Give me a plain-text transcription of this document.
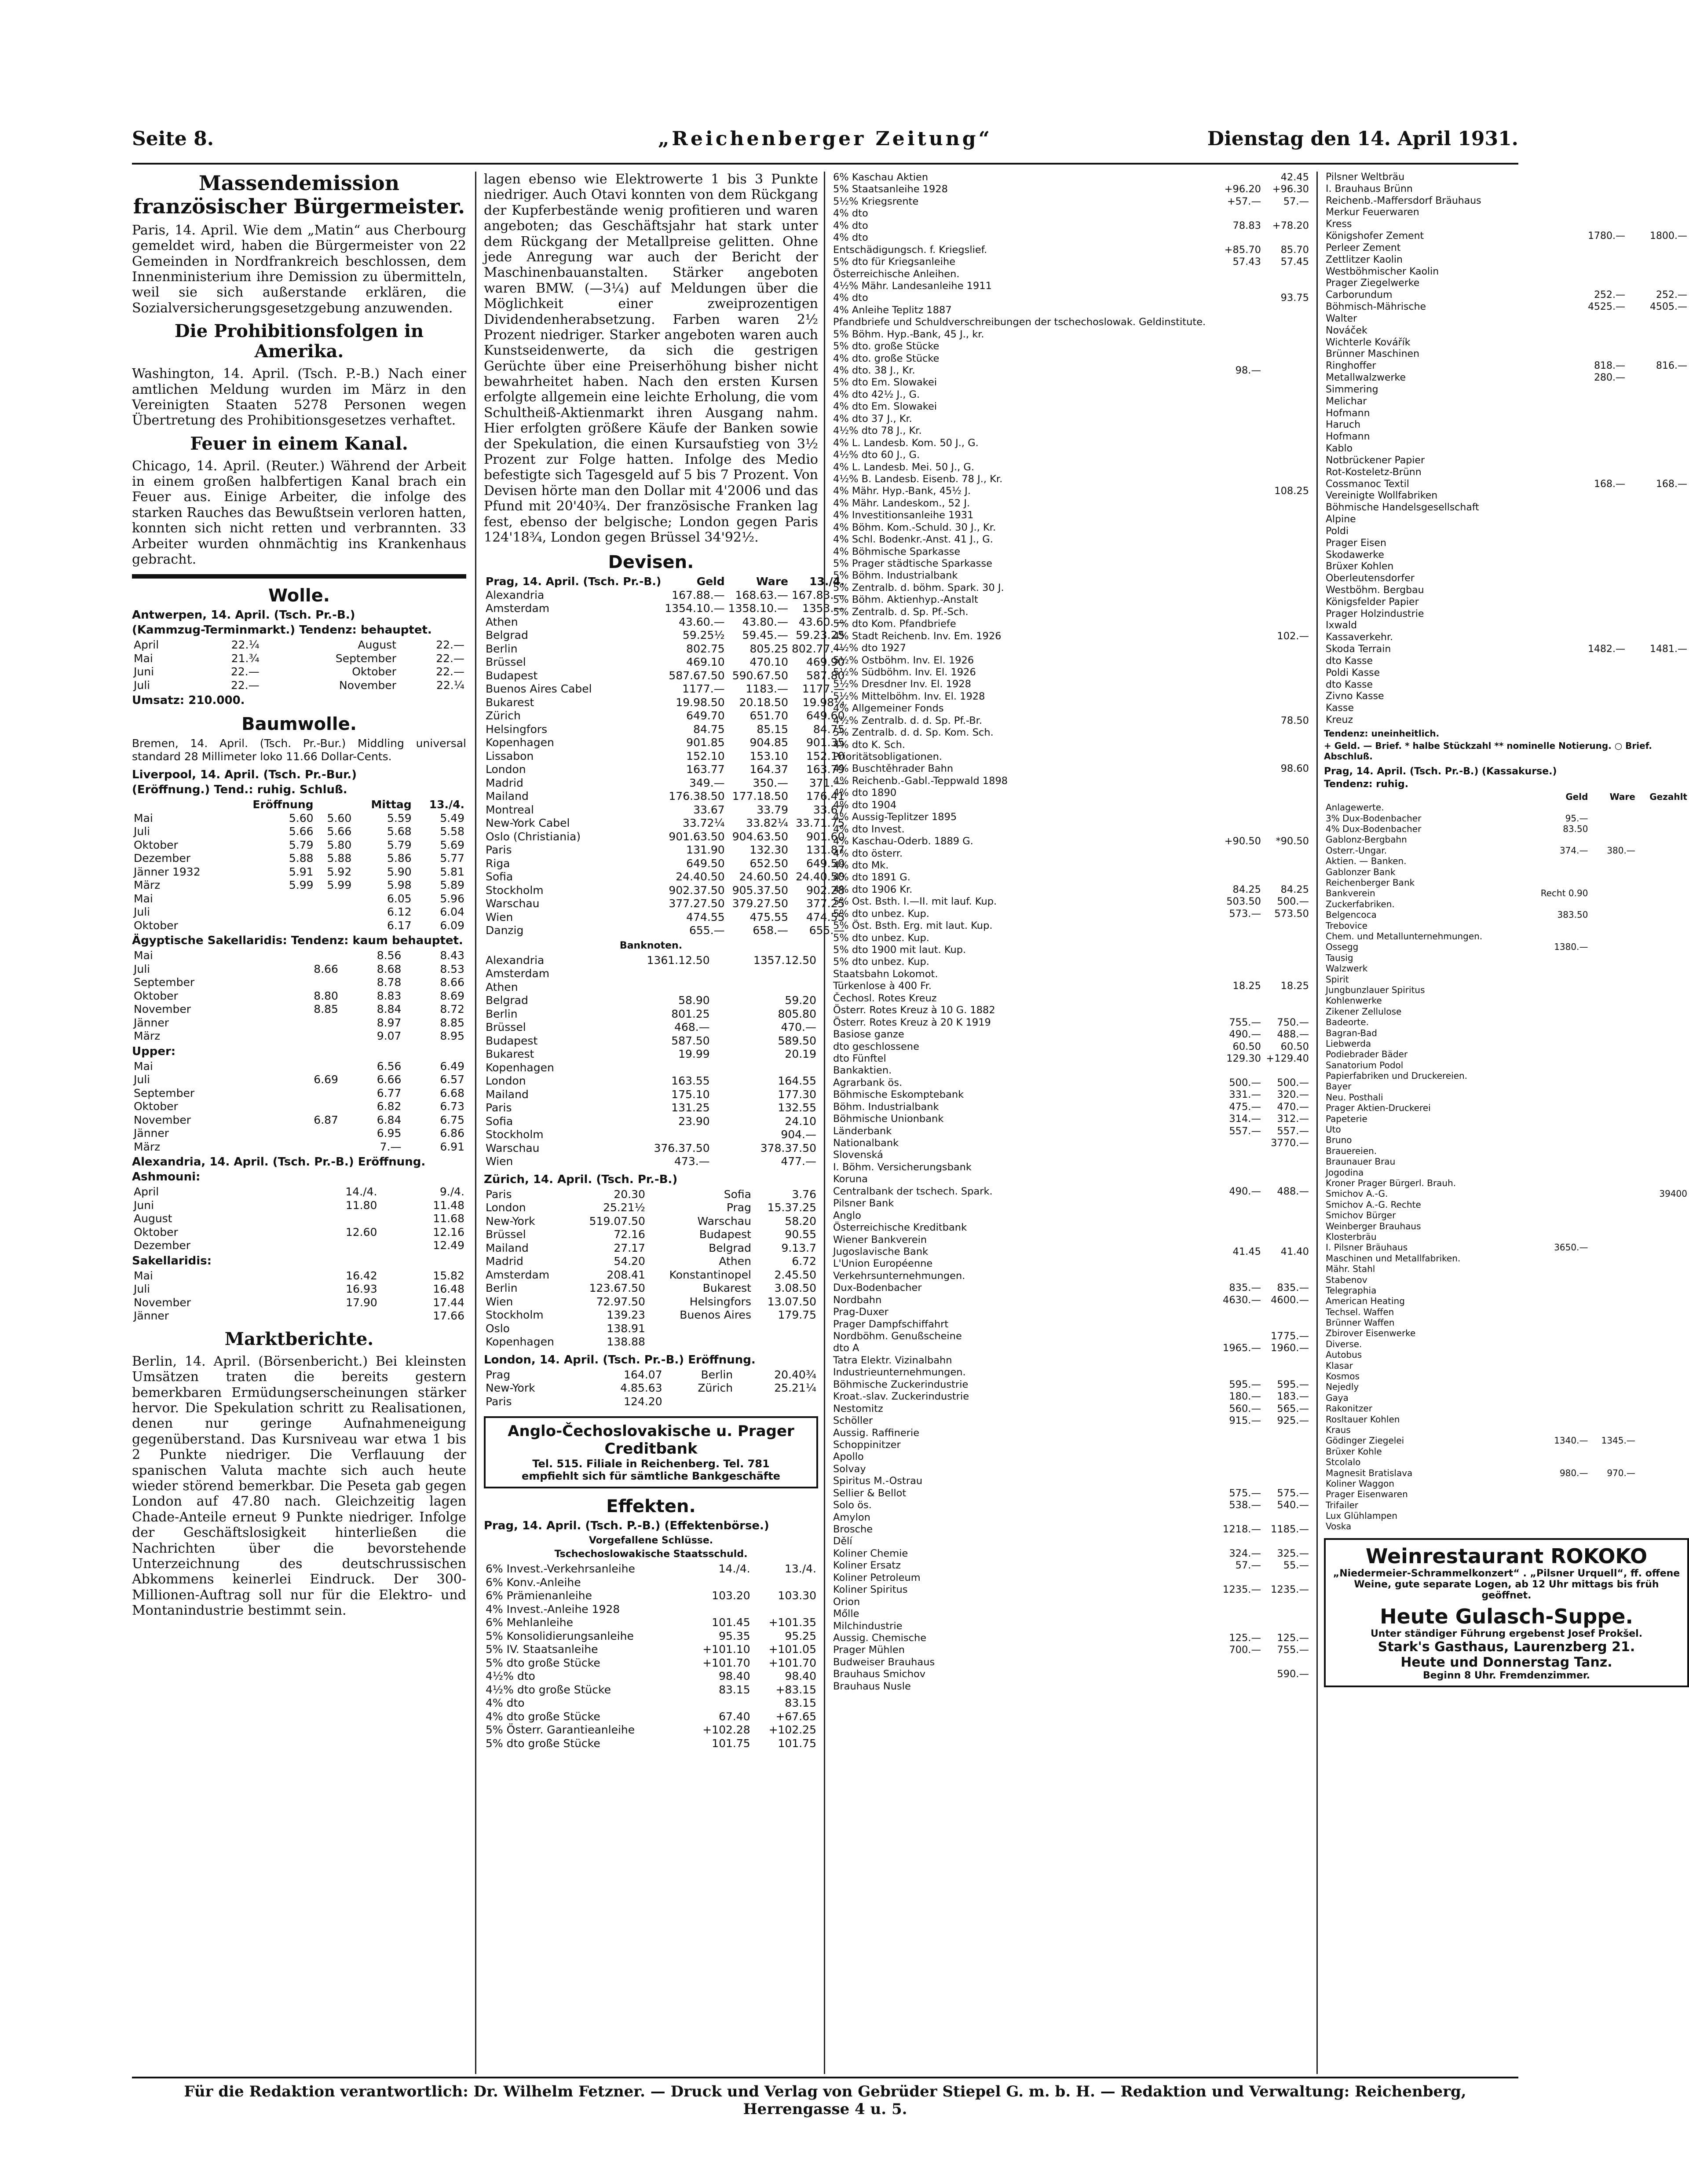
Seite 8.	„Reichenberger Zeitung“	Dienstag den 14. April 1931.
Massendemission französischer Bürgermeister.
Paris, 14. April. Wie dem „Matin“ aus Cherbourg gemeldet wird, haben die Bürgermeister von 22 Gemeinden in Nordfrankreich beschlossen, dem Innenministerium ihre Demission zu übermitteln, weil sie sich außerstande erklären, die Sozialversicherungsgesetzgebung anzuwenden.
Die Prohibitionsfolgen in Amerika.
Washington, 14. April. (Tsch. P.-B.) Nach einer amtlichen Meldung wurden im März in den Vereinigten Staaten 5278 Personen wegen Übertretung des Prohibitionsgesetzes verhaftet.
Feuer in einem Kanal.
Chicago, 14. April. (Reuter.) Während der Arbeit in einem großen halbfertigen Kanal brach ein Feuer aus. Einige Arbeiter, die infolge des starken Rauches das Bewußtsein verloren hatten, konnten sich nicht retten und verbrannten. 33 Arbeiter wurden ohnmächtig ins Krankenhaus gebracht.
Wolle.
Antwerpen, 14. April. (Tsch. Pr.-B.)
(Kammzug-Terminmarkt.) Tendenz: behauptet.
April	22.¼	August	22.—
Mai	21.¾	September	22.—
Juni	22.—	Oktober	22.—
Juli	22.—	November	22.¼
Umsatz: 210.000.
Baumwolle.
Bremen, 14. April. (Tsch. Pr.-Bur.) Middling universal standard 28 Millimeter loko 11.66 Dollar-Cents.
Liverpool, 14. April. (Tsch. Pr.-Bur.)
(Eröffnung.) Tend.: ruhig. Schluß.
	Eröffnung		Mittag	13./4.
Mai	5.60	5.60	5.59	5.49
Juli	5.66	5.66	5.68	5.58
Oktober	5.79	5.80	5.79	5.69
Dezember	5.88	5.88	5.86	5.77
Jänner 1932	5.91	5.92	5.90	5.81
März	5.99	5.99	5.98	5.89
Mai			6.05	5.96
Juli			6.12	6.04
Oktober			6.17	6.09
Ägyptische Sakellaridis: Tendenz: kaum behauptet.
Mai		8.56	8.43
Juli	8.66	8.68	8.53
September		8.78	8.66
Oktober	8.80	8.83	8.69
November	8.85	8.84	8.72
Jänner		8.97	8.85
März		9.07	8.95
Upper:
Mai		6.56	6.49
Juli	6.69	6.66	6.57
September		6.77	6.68
Oktober		6.82	6.73
November	6.87	6.84	6.75
Jänner		6.95	6.86
März		7.—	6.91
Alexandria, 14. April. (Tsch. Pr.-B.) Eröffnung.
Ashmouni:
April		14./4.	9./4.
Juni		11.80	11.48
August			11.68
Oktober		12.60	12.16
Dezember			12.49
Sakellaridis:
Mai		16.42	15.82
Juli		16.93	16.48
November		17.90	17.44
Jänner			17.66
Marktberichte.
Berlin, 14. April. (Börsenbericht.) Bei kleinsten Umsätzen traten die bereits gestern bemerkbaren Ermüdungserscheinungen stärker hervor. Die Spekulation schritt zu Realisationen, denen nur geringe Aufnahmeneigung gegenüberstand. Das Kursniveau war etwa 1 bis 2 Punkte niedriger. Die Verflauung der spanischen Valuta machte sich auch heute wieder störend bemerkbar. Die Peseta gab gegen London auf 47.80 nach. Gleichzeitig lagen Chade-Anteile erneut 9 Punkte niedriger. Infolge der Geschäftslosigkeit hinterließen die Nachrichten über die bevorstehende Unterzeichnung des deutschrussischen Abkommens keinerlei Eindruck. Der 300-Millionen-Auftrag soll nur für die Elektro- und Montanindustrie bestimmt sein.
lagen ebenso wie Elektrowerte 1 bis 3 Punkte niedriger. Auch Otavi konnten von dem Rückgang der Kupferbestände wenig profitieren und waren angeboten; das Geschäftsjahr hat stark unter dem Rückgang der Metallpreise gelitten. Ohne jede Anregung war auch der Bericht der Maschinenbauanstalten. Stärker angeboten waren BMW. (—3¼) auf Meldungen über die Möglichkeit einer zweiprozentigen Dividendenherabsetzung. Farben waren 2½ Prozent niedriger. Starker angeboten waren auch Kunstseidenwerte, da sich die gestrigen Gerüchte über eine Preiserhöhung bisher nicht bewahrheitet haben. Nach den ersten Kursen erfolgte allgemein eine leichte Erholung, die vom Schultheiß-Aktienmarkt ihren Ausgang nahm. Hier erfolgten größere Käufe der Banken sowie der Spekulation, die einen Kursaufstieg von 3½ Prozent zur Folge hatten. Infolge des Medio befestigte sich Tagesgeld auf 5 bis 7 Prozent. Von Devisen hörte man den Dollar mit 4'2006 und das Pfund mit 20'40¾. Der französische Franken lag fest, ebenso der belgische; London gegen Paris 124'18¾, London gegen Brüssel 34'92½.
Devisen.
Prag, 14. April. (Tsch. Pr.-B.)	Geld	Ware	13./4.
Alexandria	167.88.—	168.63.—	167.83.—
Amsterdam	1354.10.—	1358.10.—	1353.—
Athen	43.60.—	43.80.—	43.60.—
Belgrad	59.25½	59.45.—	59.23.25
Berlin	802.75	805.25	802.77.—
Brüssel	469.10	470.10	469.90
Budapest	587.67.50	590.67.50	587.80
Buenos Aires Cabel	1177.—	1183.—	1177.—
Bukarest	19.98.50	20.18.50	19.98¼
Zürich	649.70	651.70	649.60
Helsingfors	84.75	85.15	84.75
Kopenhagen	901.85	904.85	901.35
Lissabon	152.10	153.10	152.10
London	163.77	164.37	163.79
Madrid	349.—	350.—	371.—
Mailand	176.38.50	177.18.50	176.41
Montreal	33.67	33.79	33.67
New-York Cabel	33.72¼	33.82¼	33.71.75
Oslo (Christiania)	901.63.50	904.63.50	901.60
Paris	131.90	132.30	131.87
Riga	649.50	652.50	649.50
Sofia	24.40.50	24.60.50	24.40.50
Stockholm	902.37.50	905.37.50	902.28
Warschau	377.27.50	379.27.50	377.25
Wien	474.55	475.55	474.55
Danzig	655.—	658.—	655.—
Banknoten.
Alexandria		1361.12.50	1357.12.50
Amsterdam			
Athen			
Belgrad		58.90	59.20
Berlin		801.25	805.80
Brüssel		468.—	470.—
Budapest		587.50	589.50
Bukarest		19.99	20.19
Kopenhagen			
London		163.55	164.55
Mailand		175.10	177.30
Paris		131.25	132.55
Sofia		23.90	24.10
Stockholm			904.—
Warschau		376.37.50	378.37.50
Wien		473.—	477.—
Zürich, 14. April. (Tsch. Pr.-B.)
Paris	20.30	Sofia	3.76
London	25.21½	Prag	15.37.25
New-York	519.07.50	Warschau	58.20
Brüssel	72.16	Budapest	90.55
Mailand	27.17	Belgrad	9.13.7
Madrid	54.20	Athen	6.72
Amsterdam	208.41	Konstantinopel	2.45.50
Berlin	123.67.50	Bukarest	3.08.50
Wien	72.97.50	Helsingfors	13.07.50
Stockholm	139.23	Buenos Aires	179.75
Oslo	138.91		
Kopenhagen	138.88		
London, 14. April. (Tsch. Pr.-B.) Eröffnung.
Prag	164.07	Berlin	20.40¾
New-York	4.85.63	Zürich	25.21¼
Paris	124.20		
Anglo-Čechoslovakische u. Prager Creditbank
Tel. 515. Filiale in Reichenberg. Tel. 781
empfiehlt sich für sämtliche Bankgeschäfte
Effekten.
Prag, 14. April. (Tsch. P.-B.) (Effektenbörse.)
Vorgefallene Schlüsse.
Tschechoslowakische Staatsschuld.
6% Invest.-Verkehrsanleihe		14./4.	13./4.
6% Konv.-Anleihe			
6% Prämienanleihe		103.20	103.30
4% Invest.-Anleihe 1928			
6% Mehlanleihe		101.45	+101.35
5% Konsolidierungsanleihe		95.35	95.25
5% IV. Staatsanleihe		+101.10	+101.05
5% dto große Stücke		+101.70	+101.70
4½% dto		98.40	98.40
4½% dto große Stücke		83.15	+83.15
4% dto			83.15
4% dto große Stücke		67.40	+67.65
5% Österr. Garantieanleihe		+102.28	+102.25
5% dto große Stücke		101.75	101.75
6% Kaschau Aktien		42.45
5% Staatsanleihe 1928	+96.20	+96.30
5½% Kriegsrente	+57.—	57.—
4% dto		
4% dto	78.83	+78.20
4% dto		
Entschädigungsch. f. Kriegslief.	+85.70	85.70
5% dto für Kriegsanleihe	57.43	57.45
Österreichische Anleihen.		
4½% Mähr. Landesanleihe 1911		
4% dto		93.75
4% Anleihe Teplitz 1887		
Pfandbriefe und Schuldverschreibungen der tschechoslowak. Geldinstitute.		
5% Böhm. Hyp.-Bank, 45 J., kr.		
5% dto. große Stücke		
4% dto. große Stücke		
4% dto. 38 J., Kr.	98.—	
5% dto Em. Slowakei		
4% dto 42½ J., G.		
4% dto Em. Slowakei		
4% dto 37 J., Kr.		
4½% dto 78 J., Kr.		
4% L. Landesb. Kom. 50 J., G.		
4½% dto 60 J., G.		
4% L. Landesb. Mei. 50 J., G.		
4½% B. Landesb. Eisenb. 78 J., Kr.		
4% Mähr. Hyp.-Bank, 45½ J.		108.25
4% Mähr. Landeskom., 52 J.		
4% Investitionsanleihe 1931		
4% Böhm. Kom.-Schuld. 30 J., Kr.		
4% Schl. Bodenkr.-Anst. 41 J., G.		
4% Böhmische Sparkasse		
5% Prager städtische Sparkasse		
5% Böhm. Industrialbank		
5% Zentralb. d. böhm. Spark. 30 J.		
5% Böhm. Aktienhyp.-Anstalt		
5% Zentralb. d. Sp. Pf.-Sch.		
5% dto Kom. Pfandbriefe		
4% Stadt Reichenb. Inv. Em. 1926		102.—
4½% dto 1927		
5½% Ostböhm. Inv. El. 1926		
5½% Südböhm. Inv. El. 1926		
5½% Dresdner Inv. El. 1928		
5½% Mittelböhm. Inv. El. 1928		
4% Allgemeiner Fonds		
4½% Zentralb. d. d. Sp. Pf.-Br.		78.50
5% Zentralb. d. d. Sp. Kom. Sch.		
4% dto K. Sch.		
Prioritätsobligationen.		
4% Buschtěhrader Bahn		98.60
4% Reichenb.-Gabl.-Teppwald 1898		
4% dto 1890		
4% dto 1904		
4% Aussig-Teplitzer 1895		
4% dto Invest.		
4% Kaschau-Oderb. 1889 G.	+90.50	*90.50
4% dto österr.		
4% dto Mk.		
4% dto 1891 G.		
4% dto 1906 Kr.	84.25	84.25
5% Ost. Bsth. I.—II. mit lauf. Kup.	503.50	500.—
5% dto unbez. Kup.	573.—	573.50
5% Öst. Bsth. Erg. mit laut. Kup.		
5% dto unbez. Kup.		
5% dto 1900 mit laut. Kup.		
5% dto unbez. Kup.		
Staatsbahn Lokomot.		
Türkenlose à 400 Fr.	18.25	18.25
Čechosl. Rotes Kreuz		
Österr. Rotes Kreuz à 10 G. 1882		
Österr. Rotes Kreuz à 20 K 1919	755.—	750.—
Basiose ganze	490.—	488.—
dto geschlossene	60.50	60.50
dto Fünftel	129.30	+129.40
Bankaktien.		
Agrarbank ös.	500.—	500.—
Böhmische Eskomptebank	331.—	320.—
Böhm. Industrialbank	475.—	470.—
Böhmische Unionbank	314.—	312.—
Länderbank	557.—	557.—
Nationalbank		3770.—
Slovenská		
I. Böhm. Versicherungsbank		
Koruna		
Centralbank der tschech. Spark.	490.—	488.—
Pilsner Bank		
Anglo		
Österreichische Kreditbank		
Wiener Bankverein		
Jugoslavische Bank	41.45	41.40
L'Union Européenne		
Verkehrsunternehmungen.		
Dux-Bodenbacher	835.—	835.—
Nordbahn	4630.—	4600.—
Prag-Duxer		
Prager Dampfschiffahrt		
Nordböhm. Genußscheine		1775.—
dto A	1965.—	1960.—
Tatra Elektr. Vizinalbahn		
Industrieunternehmungen.		
Böhmische Zuckerindustrie	595.—	595.—
Kroat.-slav. Zuckerindustrie	180.—	183.—
Nestomitz	560.—	565.—
Schöller	915.—	925.—
Aussig. Raffinerie		
Schoppinitzer		
Apollo		
Solvay		
Spiritus M.-Ostrau		
Sellier & Bellot	575.—	575.—
Solo ös.	538.—	540.—
Amylon		
Brosche	1218.—	1185.—
Dělí		
Koliner Chemie	324.—	325.—
Koliner Ersatz	57.—	55.—
Koliner Petroleum		
Koliner Spiritus	1235.—	1235.—
Orion		
Mőlle		
Milchindustrie		
Aussig. Chemische	125.—	125.—
Prager Mühlen	700.—	755.—
Budweiser Brauhaus		
Brauhaus Smichov		590.—
Brauhaus Nusle		
Pilsner Weltbräu		
I. Brauhaus Brünn		
Reichenb.-Maffersdorf Bräuhaus		
Merkur Feuerwaren		
Kress		
Königshofer Zement	1780.—	1800.—
Perleer Zement		
Zettlitzer Kaolin		
Westböhmischer Kaolin		
Prager Ziegelwerke		
Carborundum	252.—	252.—
Böhmisch-Mährische	4525.—	4505.—
Walter		
Nováček		
Wichterle Kovářík		
Brünner Maschinen		
Ringhoffer	818.—	816.—
Metallwalzwerke	280.—	
Simmering		
Melichar		
Hofmann		
Haruch		
Hofmann		
Kablo		
Notbrückener Papier		
Rot-Kosteletz-Brünn		
Cossmanoc Textil	168.—	168.—
Vereinigte Wollfabriken		
Böhmische Handelsgesellschaft		
Alpine		
Poldi		
Prager Eisen		
Skodawerke		
Brüxer Kohlen		
Oberleutensdorfer		
Westböhm. Bergbau		
Königsfelder Papier		
Prager Holzindustrie		
Ixwald		
Kassaverkehr.		
Skoda Terrain	1482.—	1481.—
dto Kasse		
Poldi Kasse		
dto Kasse		
Zivno Kasse		
Kasse		
Kreuz		
Tendenz: uneinheitlich.
+ Geld. — Brief. * halbe Stückzahl ** nominelle Notierung. ○ Brief. Abschluß.
Prag, 14. April. (Tsch. Pr.-B.) (Kassakurse.)
Tendenz: ruhig.
	Geld	Ware	Gezahlt
Anlagewerte.			
3% Dux-Bodenbacher	95.—		
4% Dux-Bodenbacher	83.50		
Gablonz-Bergbahn			
Osterr.-Ungar.	374.—	380.—	
Aktien. — Banken.			
Gablonzer Bank			
Reichenberger Bank			
Bankverein	Recht 0.90		
Zuckerfabriken.			
Belgencoca	383.50		
Trebovice			
Chem. und Metallunternehmungen.			
Ossegg	1380.—		
Tausig			
Walzwerk			
Spirit			
Jungbunzlauer Spiritus			
Kohlenwerke			
Zikener Zellulose			
Badeorte.			
Bagran-Bad			
Liebwerda			
Podiebrader Bäder			
Sanatorium Podol			
Papierfabriken und Druckereien.			
Bayer			
Neu. Posthali			
Prager Aktien-Druckerei			
Papeterie			
Uto			
Bruno			
Brauereien.			
Braunauer Brau			
Jogodina			
Kroner Prager Bürgerl. Brauh.			
Smichov A.-G.			39400
Smichov A.-G. Rechte			
Smichov Bürger			
Weinberger Brauhaus			
Klosterbräu			
I. Pilsner Bräuhaus	3650.—		
Maschinen und Metallfabriken.			
Mähr. Stahl			
Stabenov			
Telegraphia			
American Heating			
Techsel. Waffen			
Brünner Waffen			
Zbirover Eisenwerke			
Diverse.			
Autobus			
Klasar			
Kosmos			
Nejedly			
Gaya			
Rakonitzer			
Rosltauer Kohlen			
Kraus			
Gödinger Ziegelei	1340.—	1345.—	
Brüxer Kohle			
Stcolalo			
Magnesit Bratislava	980.—	970.—	
Koliner Waggon			
Prager Eisenwaren			
Trifailer			
Lux Glühlampen			
Voska			
Weinrestaurant ROKOKO
„Niedermeier-Schrammelkonzert“ . „Pilsner Urquell“, ff. offene Weine, gute separate Logen, ab 12 Uhr mittags bis früh geöffnet.
Heute Gulasch-Suppe.
Unter ständiger Führung ergebenst Josef Prokšel.
Stark's Gasthaus, Laurenzberg 21.
Heute und Donnerstag Tanz.
Beginn 8 Uhr. Fremdenzimmer.
Für die Redaktion verantwortlich: Dr. Wilhelm Fetzner. — Druck und Verlag von Gebrüder Stiepel G. m. b. H. — Redaktion und Verwaltung: Reichenberg, Herrengasse 4 u. 5.
